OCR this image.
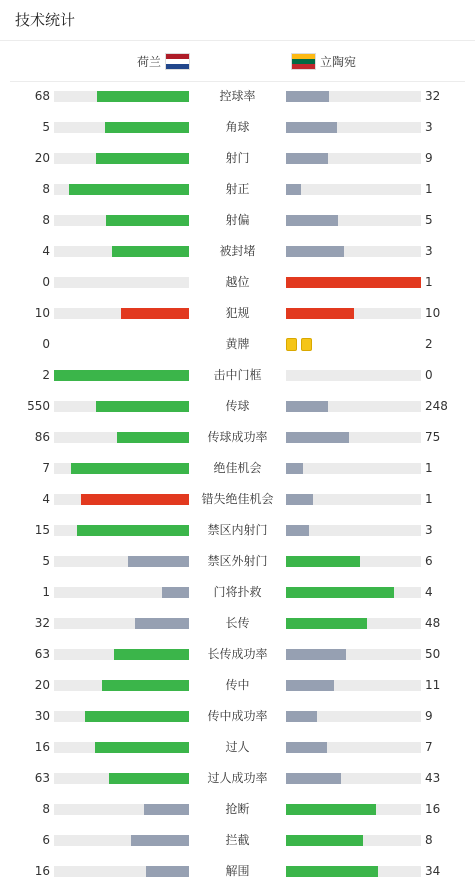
技术统计
荷兰	立陶宛
68	控球率	32
5	角球	3
20	射门	9
8	射正	1
8	射偏	5
4	被封堵	3
0	越位	1
10	犯规	10
0	黄牌	2
2	击中门框	0
550	传球	248
86	传球成功率	75
7	绝佳机会	1
4	错失绝佳机会	1
15	禁区内射门	3
5	禁区外射门	6
1	门将扑救	4
32	长传	48
63	长传成功率	50
20	传中	11
30	传中成功率	9
16	过人	7
63	过人成功率	43
8	抢断	16
6	拦截	8
16	解围	34
